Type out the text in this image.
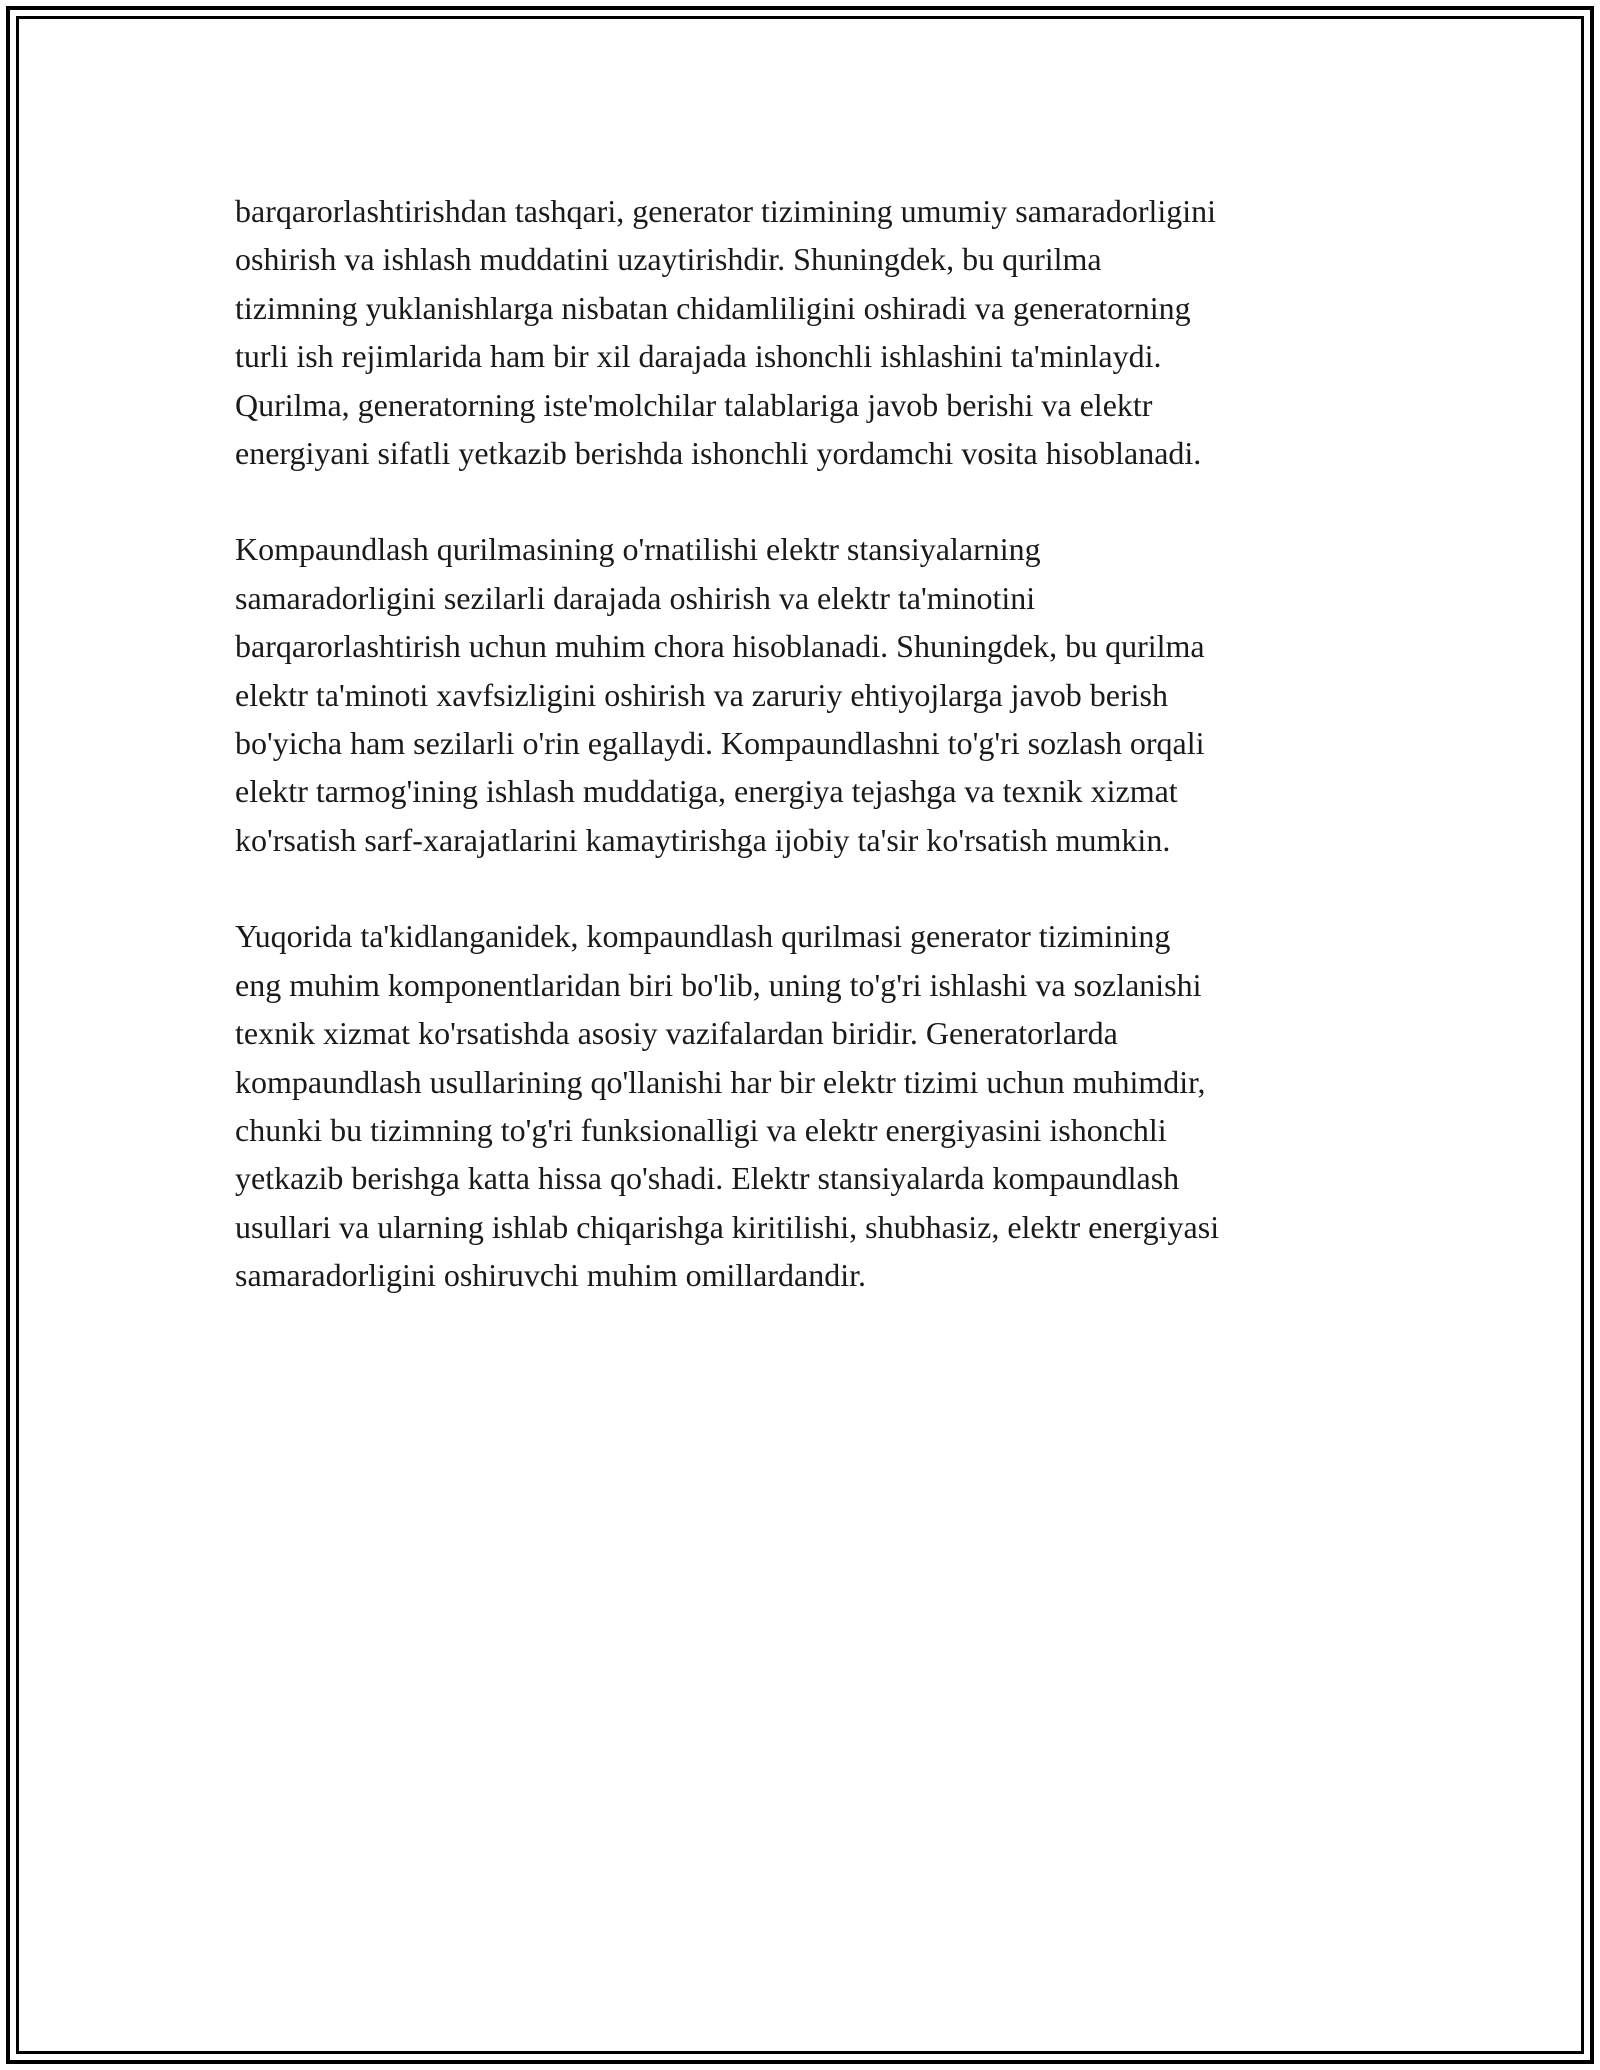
barqarorlashtirishdan tashqari, generator tizimining umumiy samaradorligini
oshirish va ishlash muddatini uzaytirishdir. Shuningdek, bu qurilma
tizimning yuklanishlarga nisbatan chidamliligini oshiradi va generatorning
turli ish rejimlarida ham bir xil darajada ishonchli ishlashini ta'minlaydi.
Qurilma, generatorning iste'molchilar talablariga javob berishi va elektr
energiyani sifatli yetkazib berishda ishonchli yordamchi vosita hisoblanadi.

Kompaundlash qurilmasining o'rnatilishi elektr stansiyalarning
samaradorligini sezilarli darajada oshirish va elektr ta'minotini
barqarorlashtirish uchun muhim chora hisoblanadi. Shuningdek, bu qurilma
elektr ta'minoti xavfsizligini oshirish va zaruriy ehtiyojlarga javob berish
bo'yicha ham sezilarli o'rin egallaydi. Kompaundlashni to'g'ri sozlash orqali
elektr tarmog'ining ishlash muddatiga, energiya tejashga va texnik xizmat
ko'rsatish sarf-xarajatlarini kamaytirishga ijobiy ta'sir ko'rsatish mumkin.

Yuqorida ta'kidlanganidek, kompaundlash qurilmasi generator tizimining
eng muhim komponentlaridan biri bo'lib, uning to'g'ri ishlashi va sozlanishi
texnik xizmat ko'rsatishda asosiy vazifalardan biridir. Generatorlarda
kompaundlash usullarining qo'llanishi har bir elektr tizimi uchun muhimdir,
chunki bu tizimning to'g'ri funksionalligi va elektr energiyasini ishonchli
yetkazib berishga katta hissa qo'shadi. Elektr stansiyalarda kompaundlash
usullari va ularning ishlab chiqarishga kiritilishi, shubhasiz, elektr energiyasi
samaradorligini oshiruvchi muhim omillardandir.
